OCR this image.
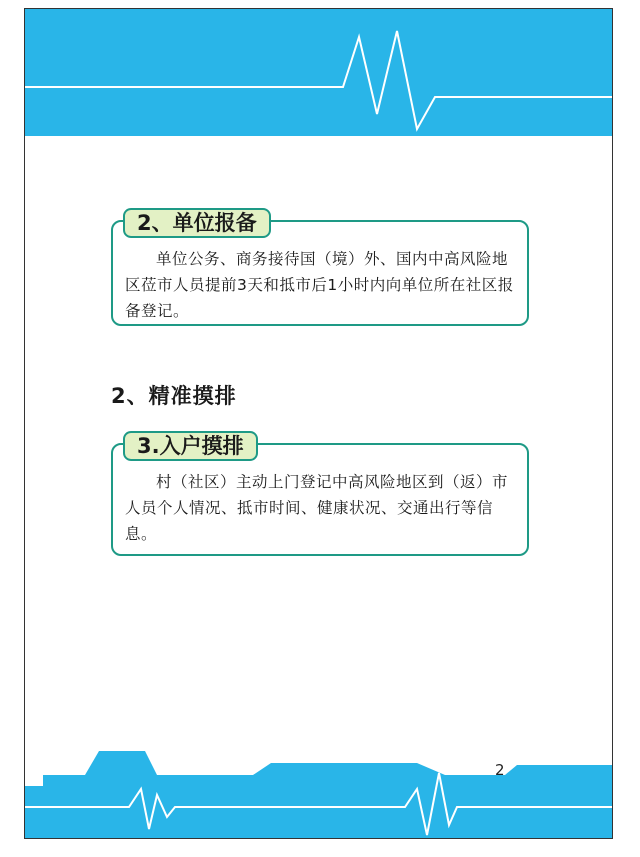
2、单位报备
单位公务、商务接待国（境）外、国内中高风险地区莅市人员提前3天和抵市后1小时内向单位所在社区报备登记。
2、精准摸排
3.入户摸排
村（社区）主动上门登记中高风险地区到（返）市人员个人情况、抵市时间、健康状况、交通出行等信息。
2
